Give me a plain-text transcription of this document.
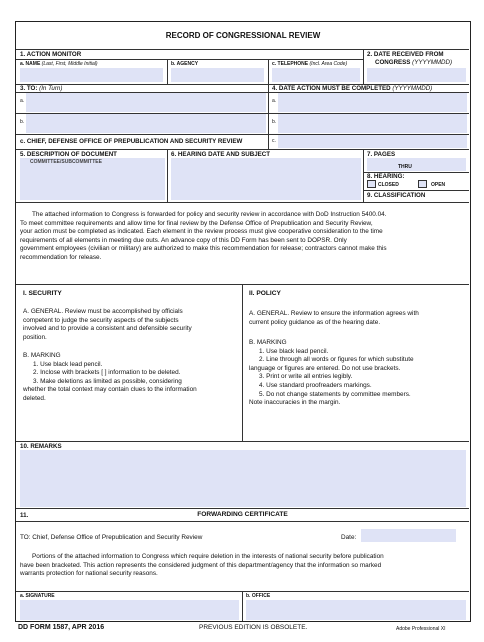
RECORD OF CONGRESSIONAL REVIEW
1. ACTION MONITOR
a. NAME (Last, First, Middle Initial)	b. AGENCY	c. TELEPHONE (Incl. Area Code)
2. DATE RECEIVED FROM
CONGRESS (YYYYMMDD)
3. TO: (In Turn)	4. DATE ACTION MUST BE COMPLETED (YYYYMMDD)
a.	a.
b.	b.
c. CHIEF, DEFENSE OFFICE OF PREPUBLICATION AND SECURITY REVIEW	c.
5. DESCRIPTION OF DOCUMENT
COMMITTEE/SUBCOMMITTEE
6. HEARING DATE AND SUBJECT	7. PAGES
THRU
8. HEARING:
CLOSED	OPEN
9. CLASSIFICATION
The attached information to Congress is forwarded for policy and security review in accordance with DoD Instruction 5400.04.
To meet committee requirements and allow time for final review by the Defense Office of Prepublication and Security Review,
your action must be completed as indicated. Each element in the review process must give cooperative consideration to the time
requirements of all elements in meeting due outs. An advance copy of this DD Form has been sent to DOPSR. Only
government employees (civilian or military) are authorized to make this recommendation for release; contractors cannot make this
recommendation for release.
I. SECURITY
A. GENERAL. Review must be accomplished by officials
competent to judge the security aspects of the subjects
involved and to provide a consistent and defensible security
position.
B. MARKING
1. Use black lead pencil.
2. Inclose with brackets [ ] information to be deleted.
3. Make deletions as limited as possible, considering
whether the total context may contain clues to the information
deleted.
II. POLICY
A. GENERAL. Review to ensure the information agrees with
current policy guidance as of the hearing date.
B. MARKING
1. Use black lead pencil.
2. Line through all words or figures for which substitute
language or figures are entered. Do not use brackets.
3. Print or write all entries legibly.
4. Use standard proofreaders markings.
5. Do not change statements by committee members.
Note inaccuracies in the margin.
10. REMARKS
11.	FORWARDING CERTIFICATE
TO: Chief, Defense Office of Prepublication and Security Review	Date:
Portions of the attached information to Congress which require deletion in the interests of national security before publication
have been bracketed. This action represents the considered judgment of this department/agency that the information so marked
warrants protection for national security reasons.
a. SIGNATURE	b. OFFICE
DD FORM 1587, APR 2016	PREVIOUS EDITION IS OBSOLETE.	Adobe Professional XI
